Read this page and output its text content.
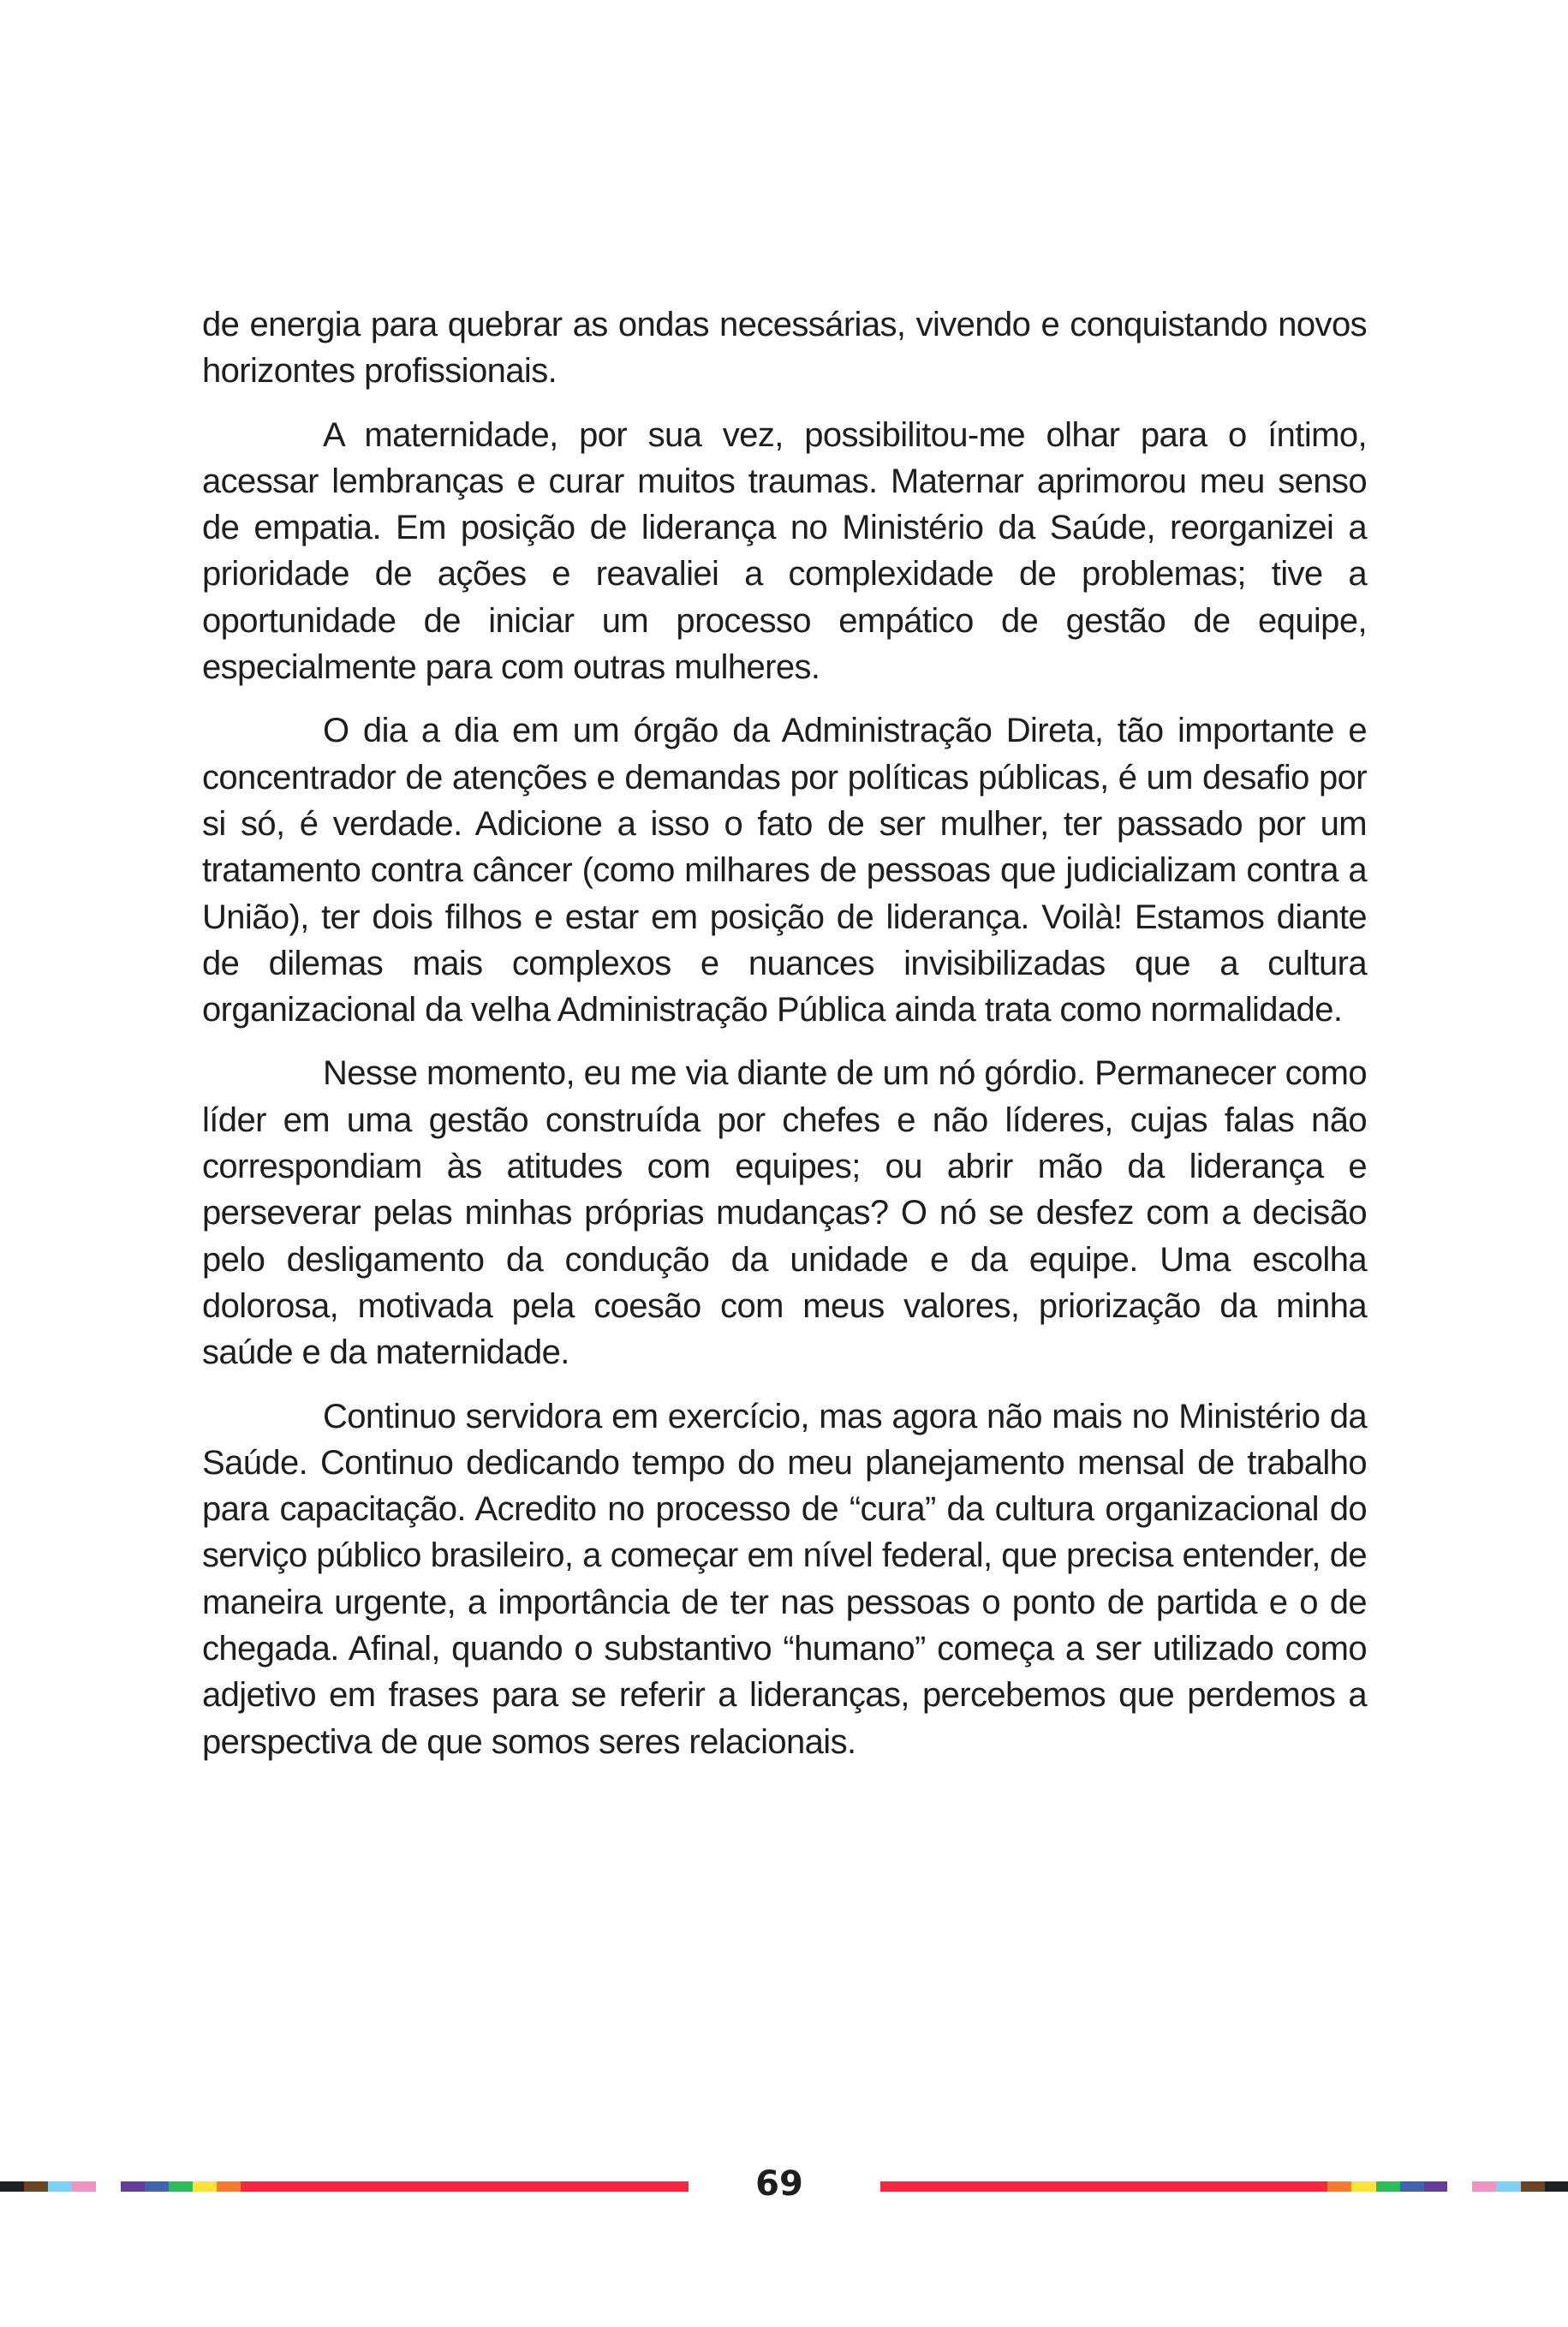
de energia para quebrar as ondas necessárias, vivendo e conquistando novos horizontes profissionais.

A maternidade, por sua vez, possibilitou-me olhar para o íntimo, acessar lembranças e curar muitos traumas. Maternar aprimorou meu senso de empatia. Em posição de liderança no Ministério da Saúde, reorganizei a prioridade de ações e reavaliei a complexidade de problemas; tive a oportunidade de iniciar um processo empático de gestão de equipe, especialmente para com outras mulheres.

O dia a dia em um órgão da Administração Direta, tão importante e concentrador de atenções e demandas por políticas públicas, é um desafio por si só, é verdade. Adicione a isso o fato de ser mulher, ter passado por um tratamento contra câncer (como milhares de pessoas que judicializam contra a União), ter dois filhos e estar em posição de liderança. Voilà! Estamos diante de dilemas mais complexos e nuances invisibilizadas que a cultura organizacional da velha Administração Pública ainda trata como normalidade.

Nesse momento, eu me via diante de um nó górdio. Permanecer como líder em uma gestão construída por chefes e não líderes, cujas falas não correspondiam às atitudes com equipes; ou abrir mão da liderança e perseverar pelas minhas próprias mudanças? O nó se desfez com a decisão pelo desligamento da condução da unidade e da equipe. Uma escolha dolorosa, motivada pela coesão com meus valores, priorização da minha saúde e da maternidade.

Continuo servidora em exercício, mas agora não mais no Ministério da Saúde. Continuo dedicando tempo do meu planejamento mensal de trabalho para capacitação. Acredito no processo de “cura” da cultura organizacional do serviço público brasileiro, a começar em nível federal, que precisa entender, de maneira urgente, a importância de ter nas pessoas o ponto de partida e o de chegada. Afinal, quando o substantivo “humano” começa a ser utilizado como adjetivo em frases para se referir a lideranças, percebemos que perdemos a perspectiva de que somos seres relacionais.

69
